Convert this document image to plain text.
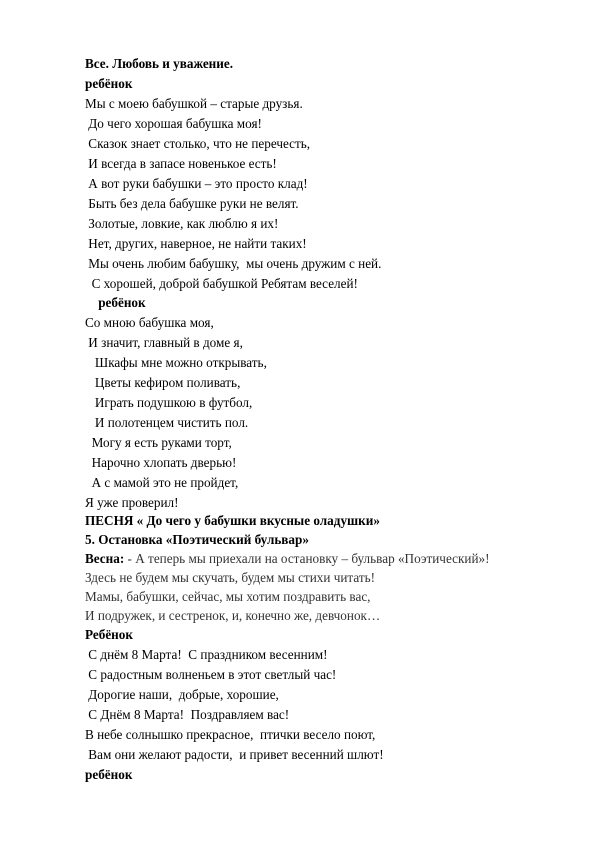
Все. Любовь и уважение.
ребёнок
Мы с моею бабушкой – старые друзья.
До чего хорошая бабушка моя!
Сказок знает столько, что не перечесть,
И всегда в запасе новенькое есть!
А вот руки бабушки – это просто клад!
Быть без дела бабушке руки не велят.
Золотые, ловкие, как люблю я их!
Нет, других, наверное, не найти таких!
Мы очень любим бабушку,  мы очень дружим с ней.
С хорошей, доброй бабушкой Ребятам веселей!
ребёнок
Со мною бабушка моя,
И значит, главный в доме я,
Шкафы мне можно открывать,
Цветы кефиром поливать,
Играть подушкою в футбол,
И полотенцем чистить пол.
Могу я есть руками торт,
Нарочно хлопать дверью!
А с мамой это не пройдет,
Я уже проверил!
ПЕСНЯ « До чего у бабушки вкусные оладушки»
5. Остановка «Поэтический бульвар»
Весна: - А теперь мы приехали на остановку – бульвар «Поэтический»!
Здесь не будем мы скучать, будем мы стихи читать!
Мамы, бабушки, сейчас, мы хотим поздравить вас,
И подружек, и сестренок, и, конечно же, девчонок…
Ребёнок
С днём 8 Марта!  С праздником весенним!
С радостным волненьем в этот светлый час!
Дорогие наши,  добрые, хорошие,
С Днём 8 Марта!  Поздравляем вас!
В небе солнышко прекрасное,  птички весело поют,
Вам они желают радости,  и привет весенний шлют!
ребёнок
